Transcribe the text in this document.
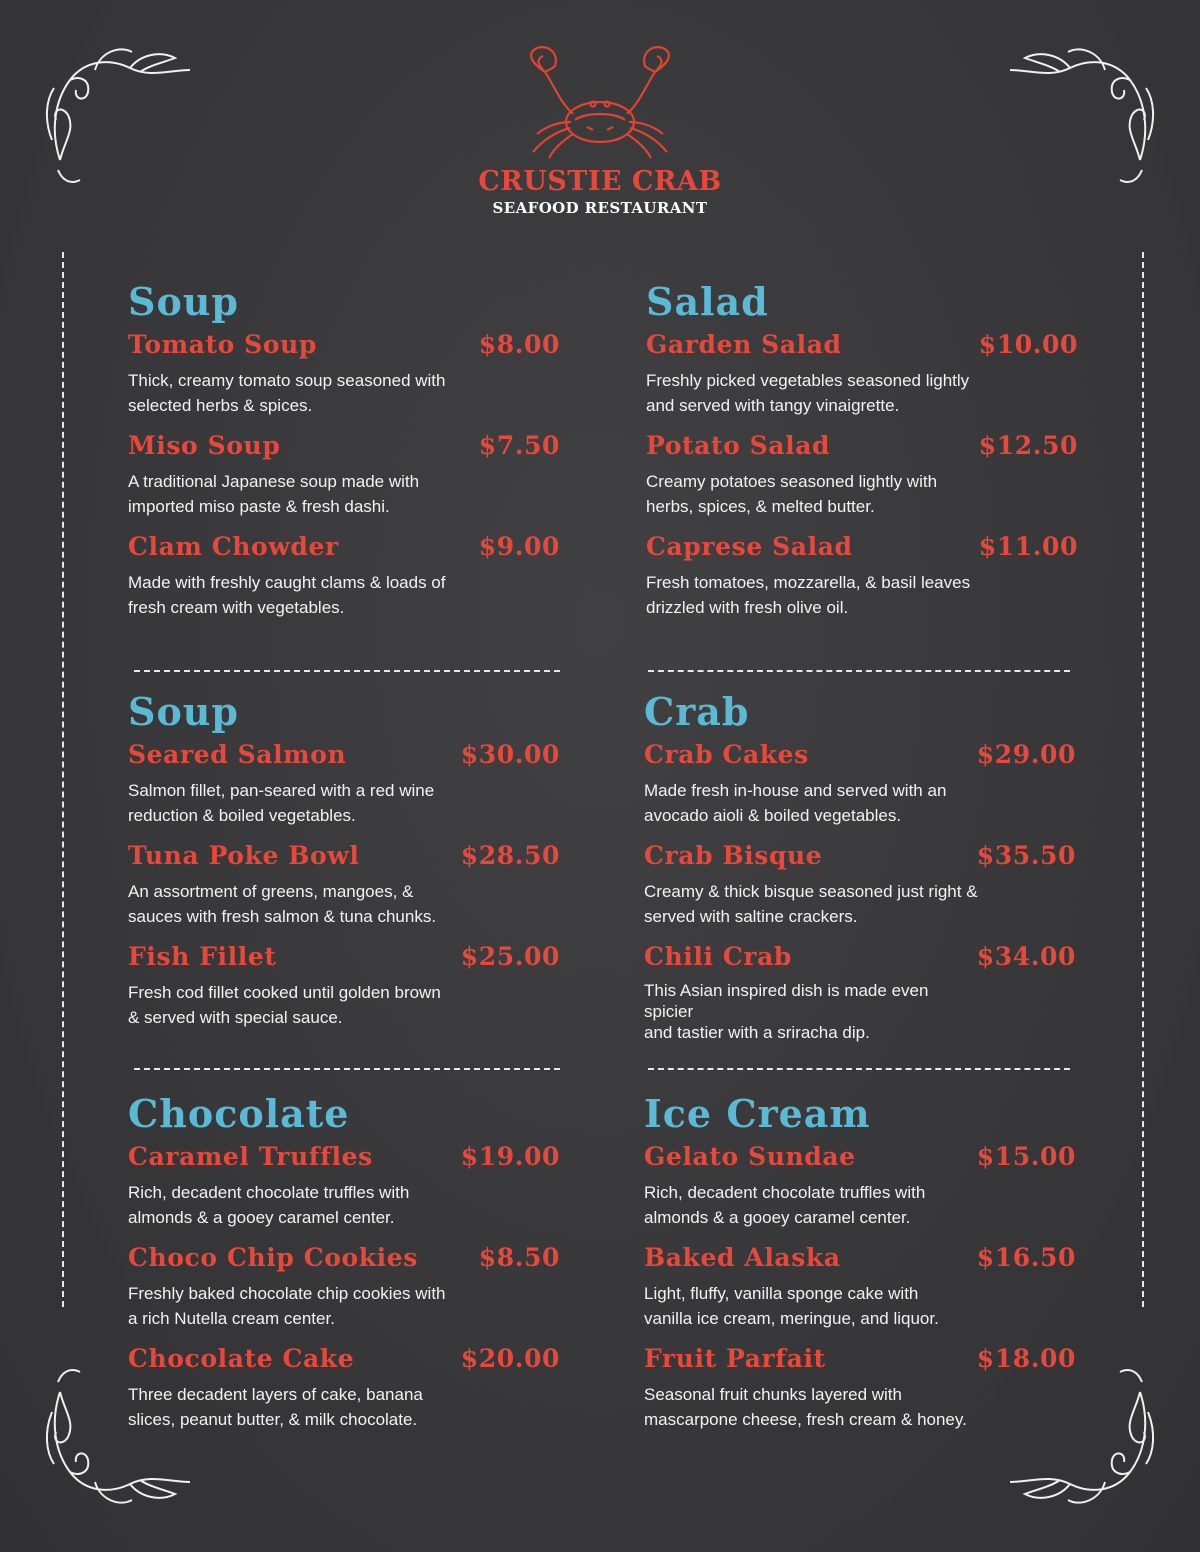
CRUSTIE CRAB
SEAFOOD RESTAURANT
Soup
Tomato Soup	$8.00
Thick, creamy tomato soup seasoned with
selected herbs & spices.
Miso Soup	$7.50
A traditional Japanese soup made with
imported miso paste & fresh dashi.
Clam Chowder	$9.00
Made with freshly caught clams & loads of
fresh cream with vegetables.
Salad
Garden Salad	$10.00
Freshly picked vegetables seasoned lightly
and served with tangy vinaigrette.
Potato Salad	$12.50
Creamy potatoes seasoned lightly with
herbs, spices, & melted butter.
Caprese Salad	$11.00
Fresh tomatoes, mozzarella, & basil leaves
drizzled with fresh olive oil.
Soup
Seared Salmon	$30.00
Salmon fillet, pan-seared with a red wine
reduction & boiled vegetables.
Tuna Poke Bowl	$28.50
An assortment of greens, mangoes, &
sauces with fresh salmon & tuna chunks.
Fish Fillet	$25.00
Fresh cod fillet cooked until golden brown
& served with special sauce.
Crab
Crab Cakes	$29.00
Made fresh in-house and served with an
avocado aioli & boiled vegetables.
Crab Bisque	$35.50
Creamy & thick bisque seasoned just right &
served with saltine crackers.
Chili Crab	$34.00
This Asian inspired dish is made even
spicier
and tastier with a sriracha dip.
Chocolate
Caramel Truffles	$19.00
Rich, decadent chocolate truffles with
almonds & a gooey caramel center.
Choco Chip Cookies $8.50
Freshly baked chocolate chip cookies with
a rich Nutella cream center.
Chocolate Cake	$20.00
Three decadent layers of cake, banana
slices, peanut butter, & milk chocolate.
Ice Cream
Gelato Sundae	$15.00
Rich, decadent chocolate truffles with
almonds & a gooey caramel center.
Baked Alaska	$16.50
Light, fluffy, vanilla sponge cake with
vanilla ice cream, meringue, and liquor.
Fruit Parfait	$18.00
Seasonal fruit chunks layered with
mascarpone cheese, fresh cream & honey.
